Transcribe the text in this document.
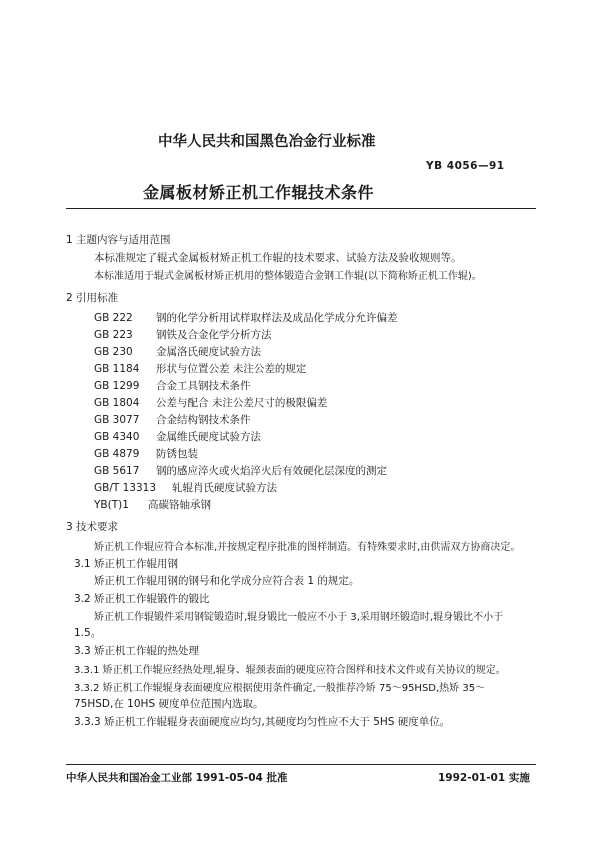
中华人民共和国黑色冶金行业标准
YB 4056—91
金属板材矫正机工作辊技术条件
1 主题内容与适用范围
本标准规定了辊式金属板材矫正机工作辊的技术要求、试验方法及验收规则等。
本标准适用于辊式金属板材矫正机用的整体锻造合金钢工作辊(以下简称矫正机工作辊)。
2 引用标准
GB 222 钢的化学分析用试样取样法及成品化学成分允许偏差
GB 223 钢铁及合金化学分析方法
GB 230 金属洛氏硬度试验方法
GB 1184 形状与位置公差 未注公差的规定
GB 1299 合金工具钢技术条件
GB 1804 公差与配合 未注公差尺寸的极限偏差
GB 3077 合金结构钢技术条件
GB 4340 金属维氏硬度试验方法
GB 4879 防锈包装
GB 5617 钢的感应淬火或火焰淬火后有效硬化层深度的测定
GB/T 13313 轧辊肖氏硬度试验方法
YB(T)1 高碳铬轴承钢
3 技术要求
矫正机工作辊应符合本标准,并按规定程序批准的图样制造。有特殊要求时,由供需双方协商决定。
3.1 矫正机工作辊用钢
矫正机工作辊用钢的钢号和化学成分应符合表 1 的规定。
3.2 矫正机工作辊锻件的锻比
矫正机工作辊锻件采用钢锭锻造时,辊身锻比一般应不小于 3,采用钢坯锻造时,辊身锻比不小于
1.5。
3.3 矫正机工作辊的热处理
3.3.1 矫正机工作辊应经热处理,辊身、辊颈表面的硬度应符合图样和技术文件或有关协议的规定。
3.3.2 矫正机工作辊辊身表面硬度应根据使用条件确定,一般推荐冷矫 75～95HSD,热矫 35～
75HSD,在 10HS 硬度单位范围内选取。
3.3.3 矫正机工作辊辊身表面硬度应均匀,其硬度均匀性应不大于 5HS 硬度单位。
中华人民共和国冶金工业部 1991-05-04 批准	1992-01-01 实施
